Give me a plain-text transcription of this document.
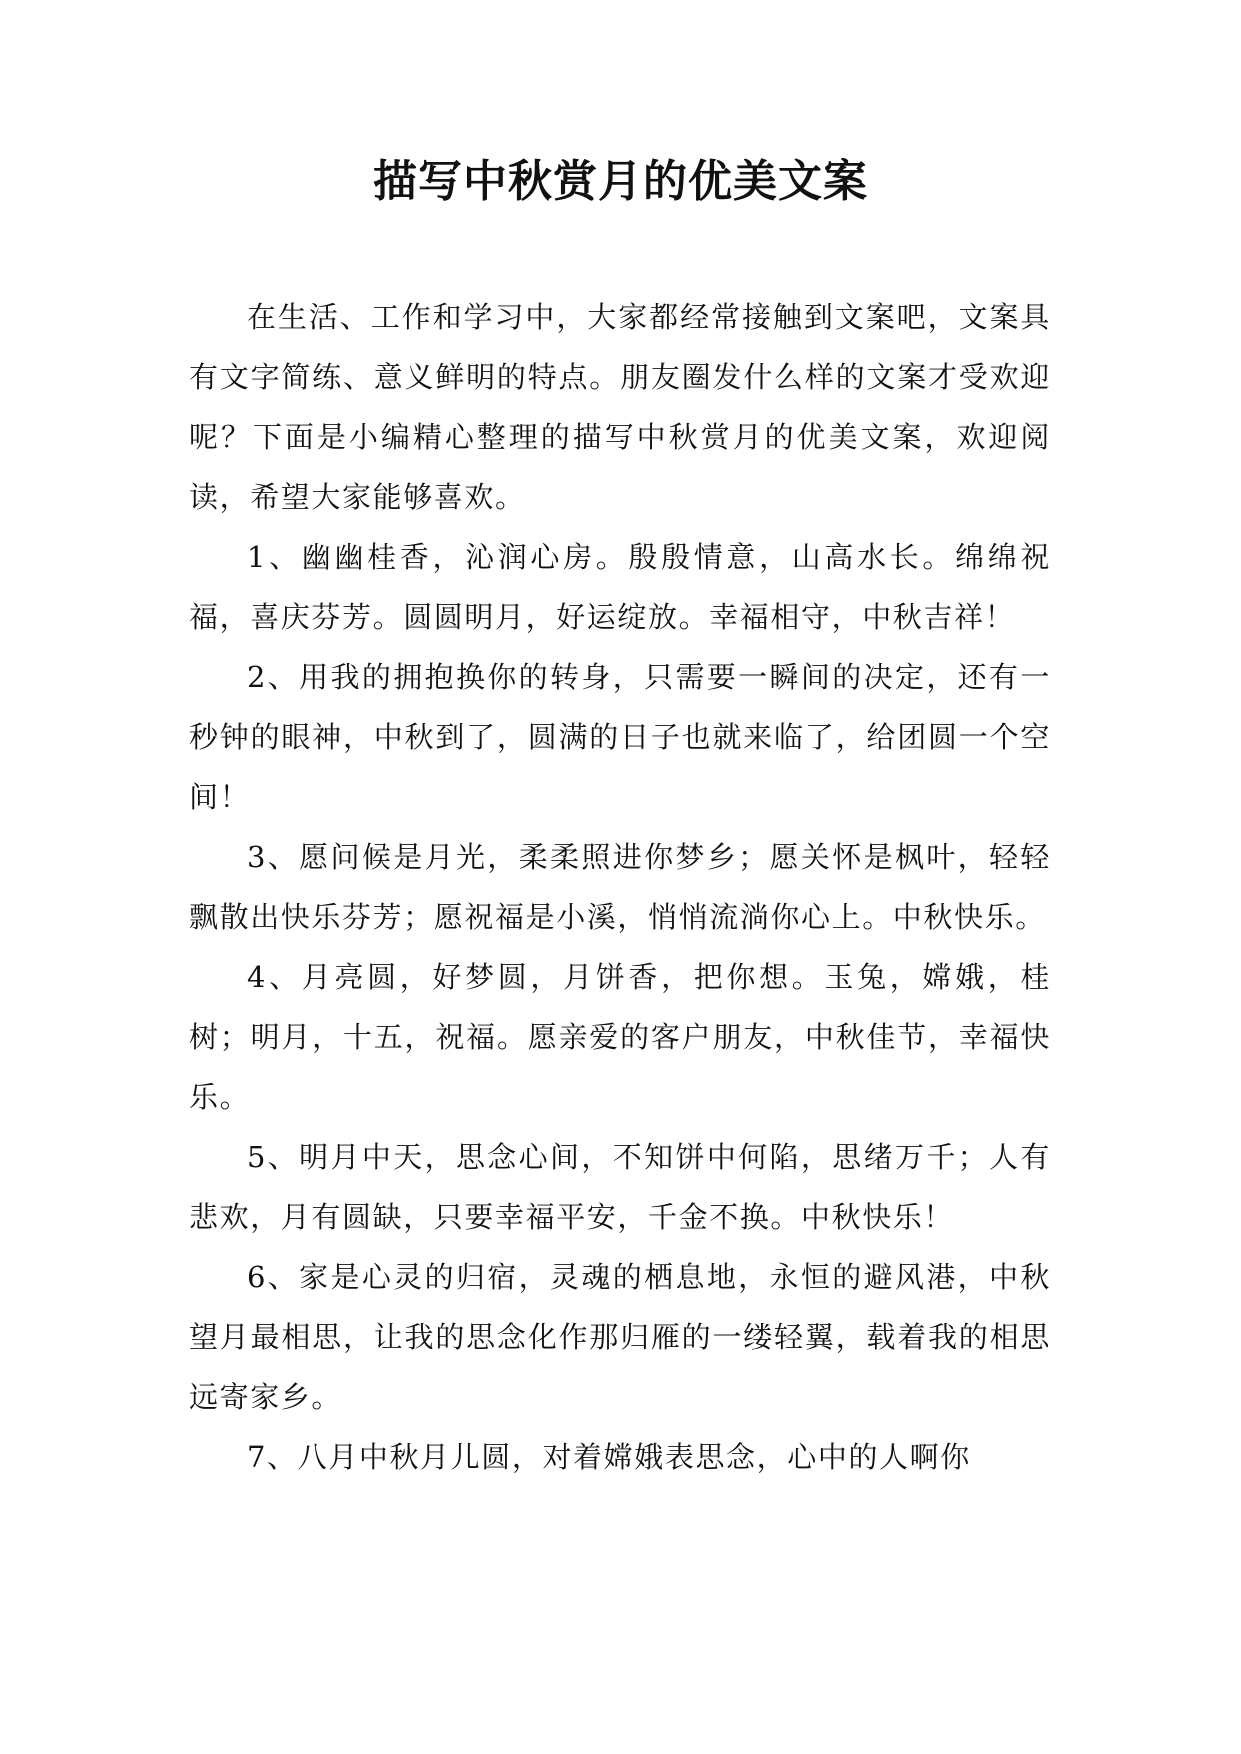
描写中秋赏月的优美文案

在生活、工作和学习中，大家都经常接触到文案吧，文案具有文字简练、意义鲜明的特点。朋友圈发什么样的文案才受欢迎呢？下面是小编精心整理的描写中秋赏月的优美文案，欢迎阅读，希望大家能够喜欢。

1、幽幽桂香，沁润心房。殷殷情意，山高水长。绵绵祝福，喜庆芬芳。圆圆明月，好运绽放。幸福相守，中秋吉祥！

2、用我的拥抱换你的转身，只需要一瞬间的决定，还有一秒钟的眼神，中秋到了，圆满的日子也就来临了，给团圆一个空间！

3、愿问候是月光，柔柔照进你梦乡；愿关怀是枫叶，轻轻飘散出快乐芬芳；愿祝福是小溪，悄悄流淌你心上。中秋快乐。

4、月亮圆，好梦圆，月饼香，把你想。玉兔，嫦娥，桂树；明月，十五，祝福。愿亲爱的客户朋友，中秋佳节，幸福快乐。

5、明月中天，思念心间，不知饼中何陷，思绪万千；人有悲欢，月有圆缺，只要幸福平安，千金不换。中秋快乐！

6、家是心灵的归宿，灵魂的栖息地，永恒的避风港，中秋望月最相思，让我的思念化作那归雁的一缕轻翼，载着我的相思远寄家乡。

7、八月中秋月儿圆，对着嫦娥表思念，心中的人啊你
